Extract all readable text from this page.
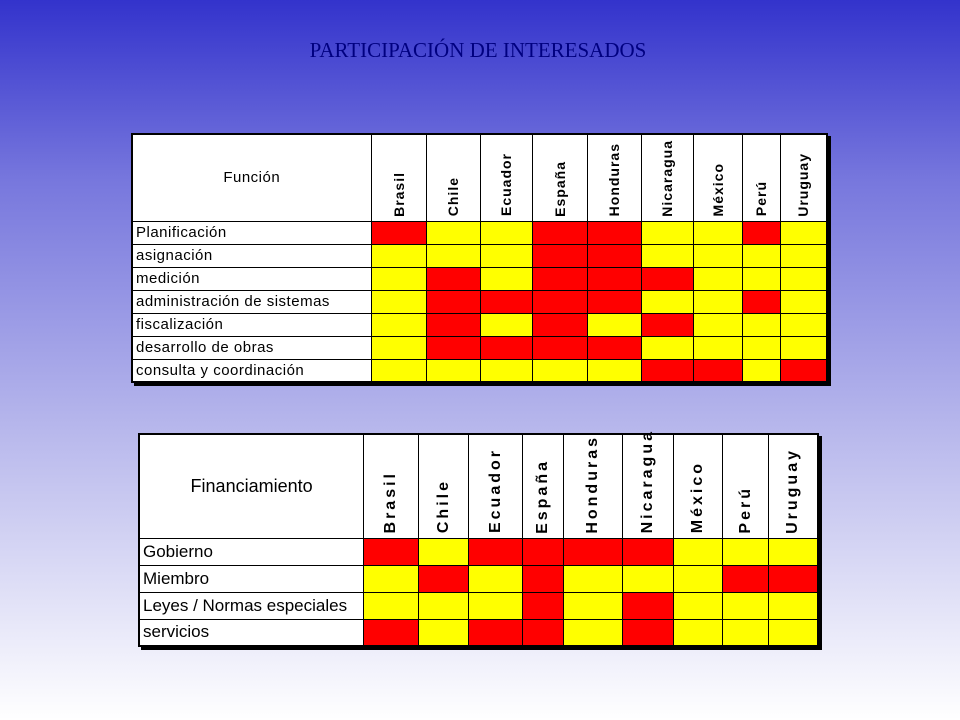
PARTICIPACIÓN DE INTERESADOS
Función	Brasil	Chile	Ecuador	España	Honduras	Nicaragua	México	Perú	Uruguay

Planificación									
asignación									
medición									
administración de sistemas									
fiscalización									
desarrollo de obras									
consulta y coordinación									
Financiamiento	Brasil	Chile	Ecuador	España	Honduras	Nicaragua	México	Perú	Uruguay

Gobierno									
Miembro									
Leyes / Normas especiales									
servicios									
